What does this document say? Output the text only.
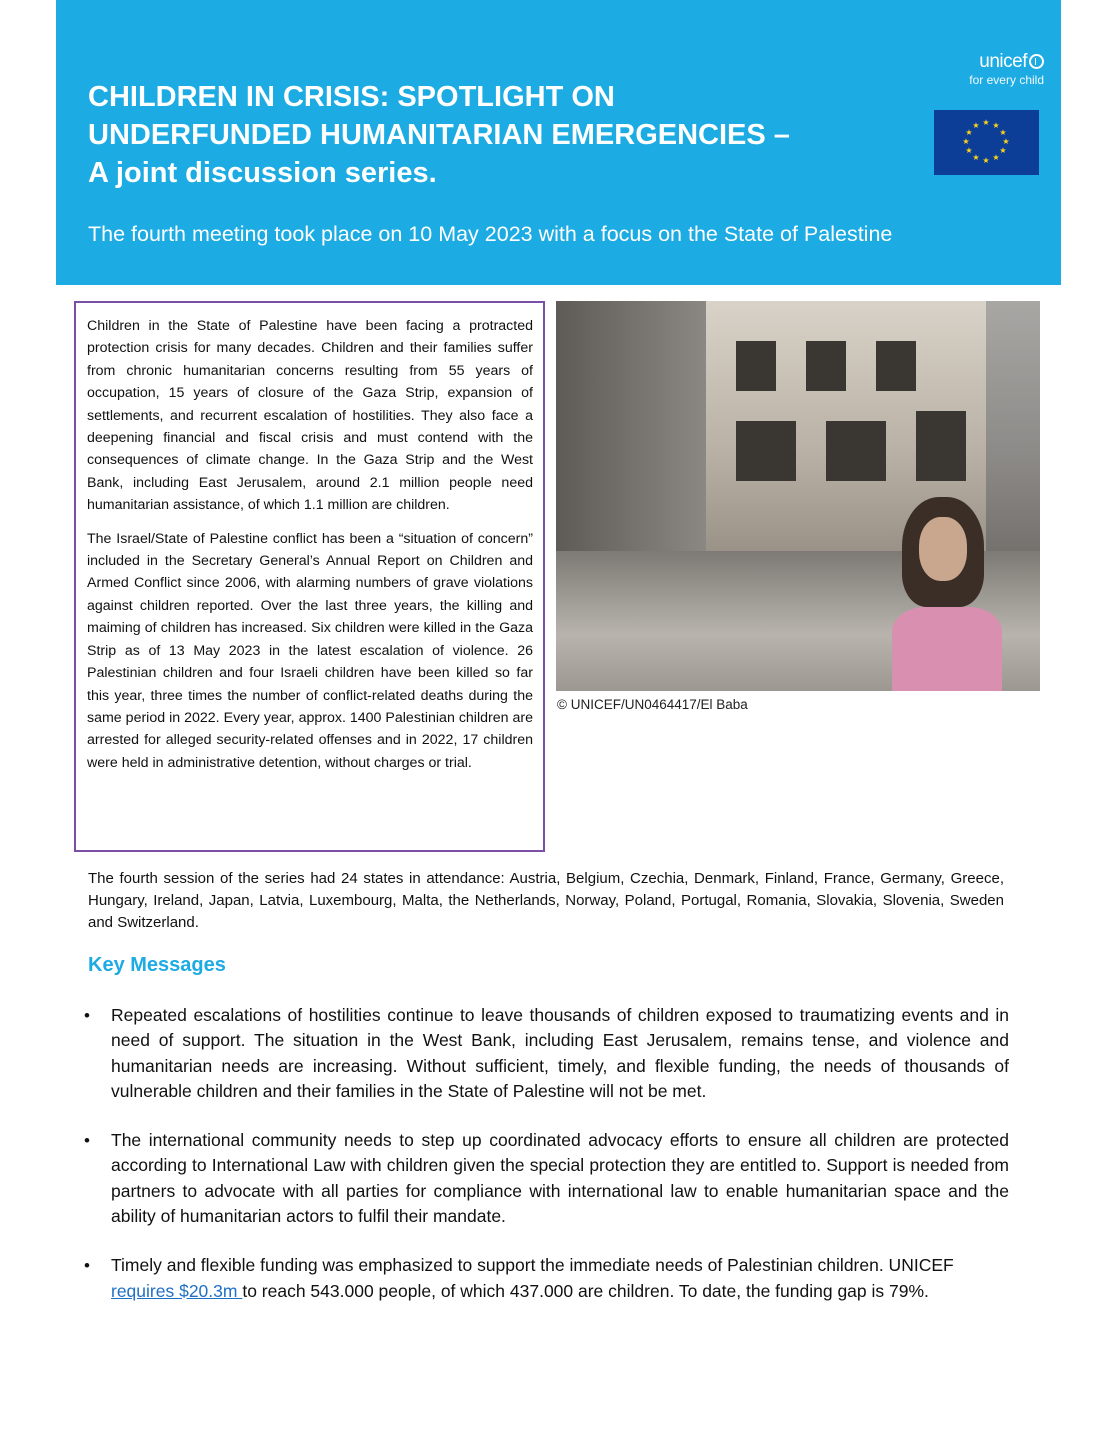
CHILDREN IN CRISIS: SPOTLIGHT ON
UNDERFUNDED HUMANITARIAN EMERGENCIES –
A joint discussion series.

The fourth meeting took place on 10 May 2023 with a focus on the State of Palestine

unicef
for every child
★ ★
★
★
★
★
★
★
★
★
★
★

Children in the State of Palestine have been facing a protracted protection crisis for many decades. Children and their families suffer from chronic humanitarian concerns resulting from 55 years of occupation, 15 years of closure of the Gaza Strip, expansion of settlements, and recurrent escalation of hostilities. They also face a deepening financial and fiscal crisis and must contend with the consequences of climate change. In the Gaza Strip and the West Bank, including East Jerusalem, around 2.1 million people need humanitarian assistance, of which 1.1 million are children.

The Israel/State of Palestine conflict has been a “situation of concern” included in the Secretary General’s Annual Report on Children and Armed Conflict since 2006, with alarming numbers of grave violations against children reported. Over the last three years, the killing and maiming of children has increased. Six children were killed in the Gaza Strip as of 13 May 2023 in the latest escalation of violence. 26 Palestinian children and four Israeli children have been killed so far this year, three times the number of conflict-related deaths during the same period in 2022. Every year, approx. 1400 Palestinian children are arrested for alleged security-related offenses and in 2022, 17 children were held in administrative detention, without charges or trial.

© UNICEF/UN0464417/El Baba

The fourth session of the series had 24 states in attendance: Austria, Belgium, Czechia, Denmark, Finland, France, Germany, Greece, Hungary, Ireland, Japan, Latvia, Luxembourg, Malta, the Netherlands, Norway, Poland, Portugal, Romania, Slovakia, Slovenia, Sweden and Switzerland.

Key Messages
•	Repeated escalations of hostilities continue to leave thousands of children exposed to traumatizing events and in need of support. The situation in the West Bank, including East Jerusalem, remains tense, and violence and humanitarian needs are increasing. Without sufficient, timely, and flexible funding, the needs of thousands of vulnerable children and their families in the State of Palestine will not be met.
•	The international community needs to step up coordinated advocacy efforts to ensure all children are protected according to International Law with children given the special protection they are entitled to. Support is needed from partners to advocate with all parties for compliance with international law to enable humanitarian space and the ability of humanitarian actors to fulfil their mandate.
•	Timely and flexible funding was emphasized to support the immediate needs of Palestinian children. UNICEF requires $20.3m to reach 543.000 people, of which 437.000 are children. To date, the funding gap is 79%.
